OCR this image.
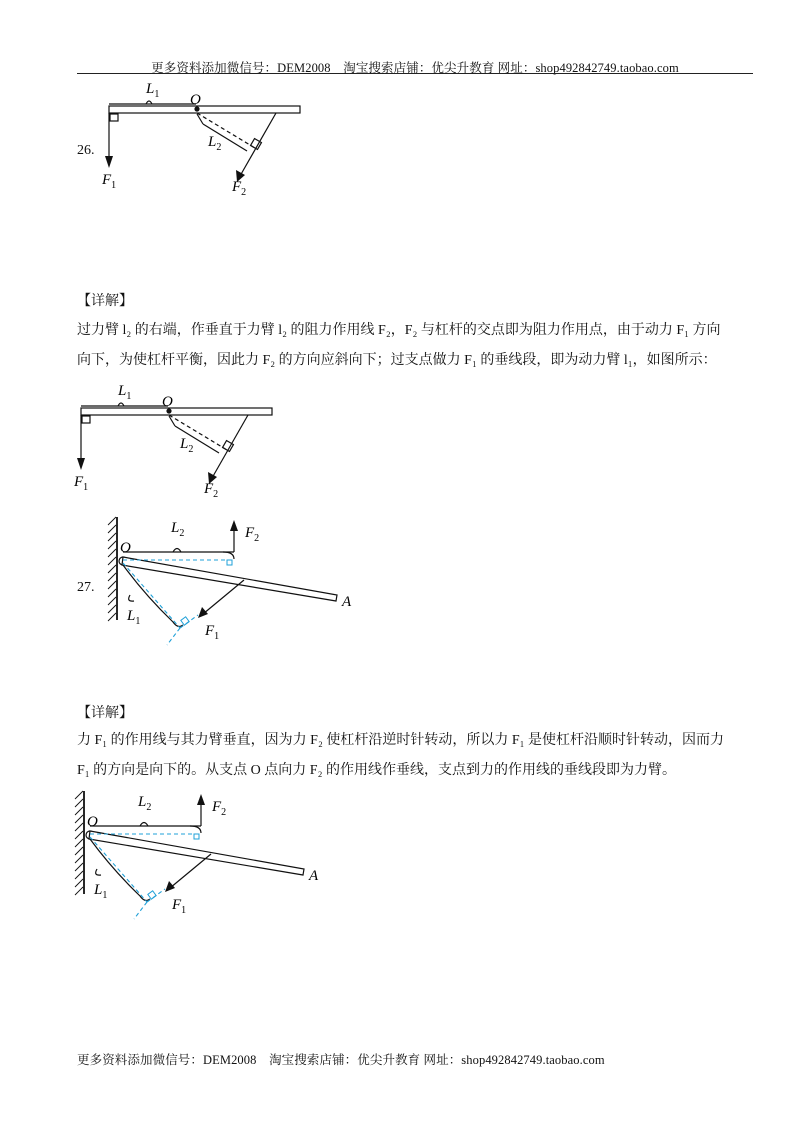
更多资料添加微信号：DEM2008　淘宝搜索店铺：优尖升教育 网址：shop492842749.taobao.com
26.
$L_1$ O
$L_2$
$F_1$	$F_2$
【详解】
过力臂 l₂ 的右端，作垂直于力臂 l₂ 的阻力作用线 F₂，F₂ 与杠杆的交点即为阻力作用点，由于动力 F₁ 方向
向下，为使杠杆平衡，因此力 F₂ 的方向应斜向下；过支点做力 F₁ 的垂线段，即为动力臂 l₁，如图所示：
$L_1$ O
$L_2$
$F_1$	$F_2$
27.
O
$L_2$	$F_2$
A
$L_1$
$F_1$
【详解】
力 F₁ 的作用线与其力臂垂直，因为力 F₂ 使杠杆沿逆时针转动，所以力 F₁ 是使杠杆沿顺时针转动，因而力
F₁ 的方向是向下的。从支点 O 点向力 F₂ 的作用线作垂线，支点到力的作用线的垂线段即为力臂。
O
$L_2$	$F_2$
A
$L_1$
$F_1$
更多资料添加微信号：DEM2008　淘宝搜索店铺：优尖升教育 网址：shop492842749.taobao.com
